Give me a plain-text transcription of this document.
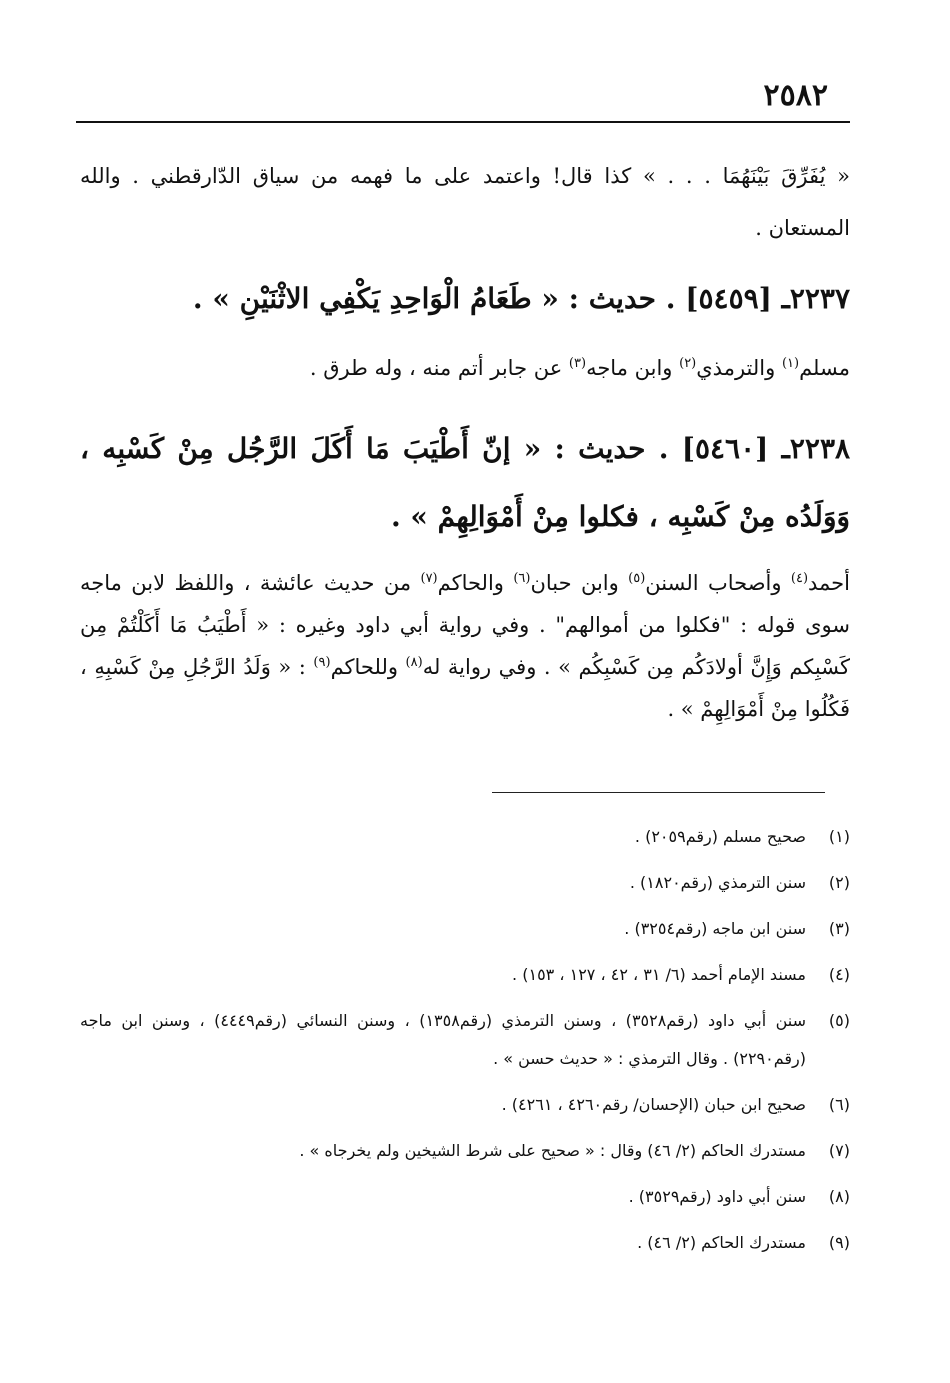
٢٥٨٢
« يُفَرِّقَ بَيْنَهُمَا . . . » كذا قال! واعتمد على ما فهمه من سياق الدّارقطني . والله المستعان .
٢٢٣٧ـ [٥٤٥٩] . حديث : « طَعَامُ الْوَاحِدِ يَكْفِي الاثْنَيْنِ » .
مسلم$^{(١)}$ والترمذي$^{(٢)}$ وابن ماجه$^{(٣)}$ عن جابر أتم منه ، وله طرق .
٢٢٣٨ـ [٥٤٦٠] . حديث : « إنّ أَطْيَبَ مَا أَكَلَ الرَّجُل مِنْ كَسْبِه ، وَوَلَدُه مِنْ كَسْبِه ، فكلوا مِنْ أَمْوَالِهِمْ » .
أحمد$^{(٤)}$ وأصحاب السنن$^{(٥)}$ وابن حبان$^{(٦)}$ والحاكم$^{(٧)}$ من حديث عائشة ، واللفظ لابن ماجه سوى قوله : "فكلوا من أموالهم" . وفي رواية أبي داود وغيره : « أَطْيَبُ مَا أَكَلْتُمْ مِن كَسْبِكم وَإِنَّ أولادَكُم مِن كَسْبِكُم » . وفي رواية له$^{(٨)}$ وللحاكم$^{(٩)}$ : « وَلَدُ الرَّجُلِ مِنْ كَسْبِهِ ، فَكُلُوا مِنْ أَمْوَالِهِمْ » .
(١)
صحيح مسلم (رقم٢٠٥٩) .
(٢)
سنن الترمذي (رقم١٨٢٠) .
(٣)
سنن ابن ماجه (رقم٣٢٥٤) .
(٤)
مسند الإمام أحمد (٦/ ٣١ ، ٤٢ ، ١٢٧ ، ١٥٣) .
(٥)
سنن أبي داود (رقم٣٥٢٨) ، وسنن الترمذي (رقم١٣٥٨) ، وسنن النسائي (رقم٤٤٤٩) ، وسنن ابن ماجه (رقم٢٢٩٠) . وقال الترمذي : « حديث حسن » .
(٦)
صحيح ابن حبان (الإحسان/ رقم٤٢٦٠ ، ٤٢٦١) .
(٧)
مستدرك الحاكم (٢/ ٤٦) وقال : « صحيح على شرط الشيخين ولم يخرجاه » .
(٨)
سنن أبي داود (رقم٣٥٢٩) .
(٩)
مستدرك الحاكم (٢/ ٤٦) .
